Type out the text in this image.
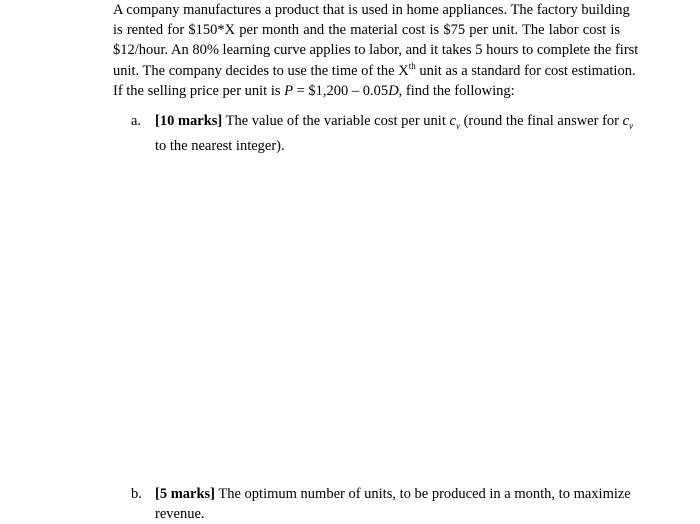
A company manufactures a product that is used in home appliances. The factory building
is rented for $150*X per month and the material cost is $75 per unit. The labor cost is
$12/hour. An 80% learning curve applies to labor, and it takes 5 hours to complete the first
unit. The company decides to use the time of the Xth unit as a standard for cost estimation.
If the selling price per unit is P = $1,200 – 0.05D, find the following:
a. [10 marks] The value of the variable cost per unit $c_v$ (round the final answer for $c_v$
to the nearest integer).
b. [5 marks] The optimum number of units, to be produced in a month, to maximize
revenue.
